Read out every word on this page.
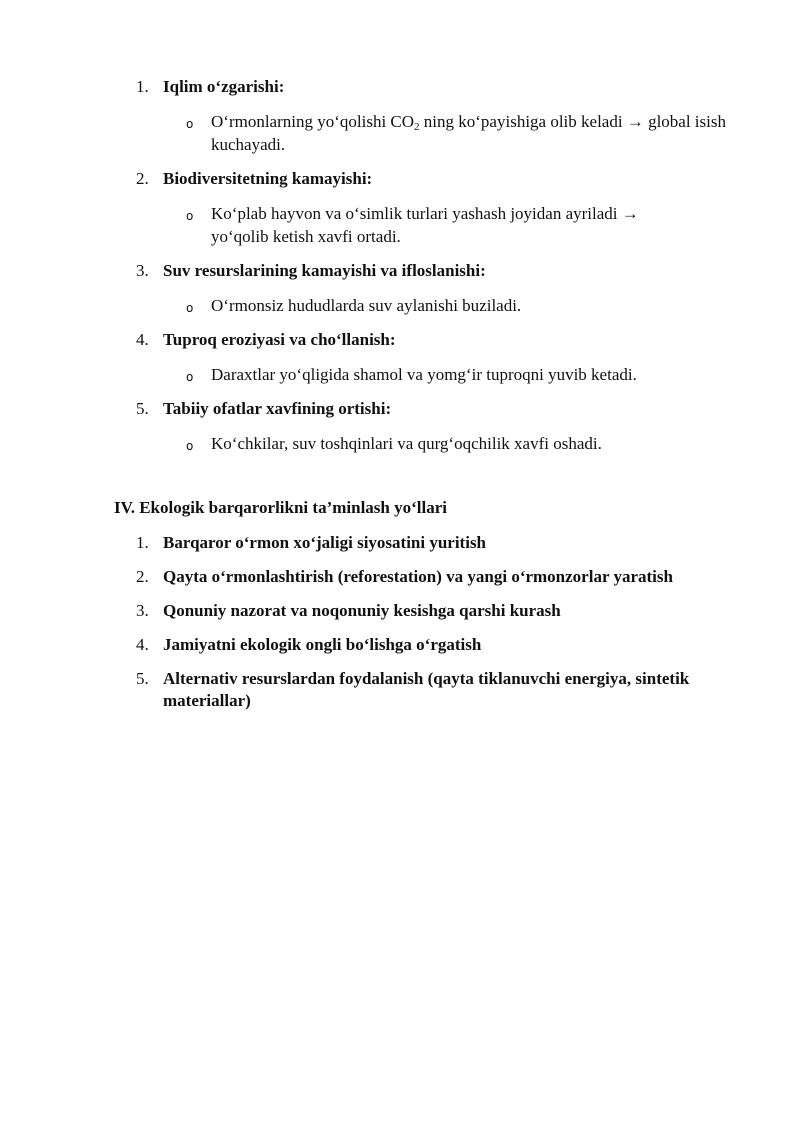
1. Iqlim o‘zgarishi:
o O‘rmonlarning yo‘qolishi $CO_2$ ning ko‘payishiga olib keladi → global isish kuchayadi.
2. Biodiversitetning kamayishi:
o Ko‘plab hayvon va o‘simlik turlari yashash joyidan ayriladi → yo‘qolib ketish xavfi ortadi.
3. Suv resurslarining kamayishi va ifloslanishi:
o O‘rmonsiz hududlarda suv aylanishi buziladi.
4. Tuproq eroziyasi va cho‘llanish:
o Daraxtlar yo‘qligida shamol va yomg‘ir tuproqni yuvib ketadi.
5. Tabiiy ofatlar xavfining ortishi:
o Ko‘chkilar, suv toshqinlari va qurg‘oqchilik xavfi oshadi.
IV. Ekologik barqarorlikni ta’minlash yo‘llari
1. Barqaror o‘rmon xo‘jaligi siyosatini yuritish
2. Qayta o‘rmonlashtirish (reforestation) va yangi o‘rmonzorlar yaratish
3. Qonuniy nazorat va noqonuniy kesishga qarshi kurash
4. Jamiyatni ekologik ongli bo‘lishga o‘rgatish
5. Alternativ resurslardan foydalanish (qayta tiklanuvchi energiya, sintetik materiallar)
